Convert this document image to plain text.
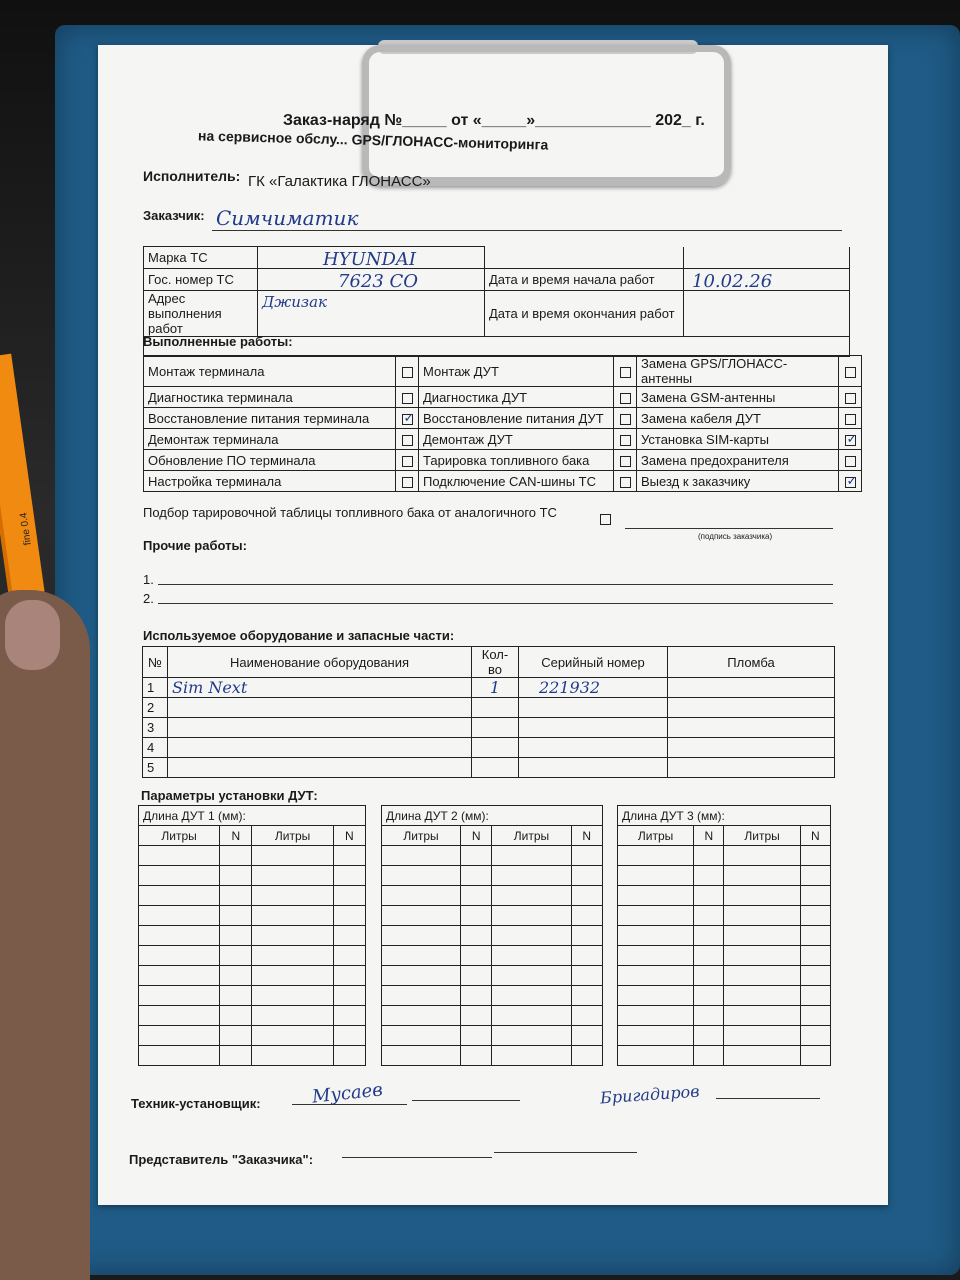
fine 0.4
Заказ-наряд №_____ от «_____»_____________ 202_ г.
на сервисное обслу... GPS/ГЛОНАСС-мониторинга
Исполнитель: ГК «Галактика ГЛОНАСС»
Заказчик: Симчиматик
Марка ТС	HYUNDAI		

Гос. номер ТС	7623 СО	Дата и время начала работ	10.02.26

Адрес выполнения работ	Джизак	Дата и время окончания работ	

Выполненные работы:
Монтаж терминала		Монтаж ДУТ		Замена GPS/ГЛОНАСС-антенны	
Диагностика терминала		Диагностика ДУТ		Замена GSM-антенны	
Восстановление питания терминала	✓	Восстановление питания ДУТ		Замена кабеля ДУТ	
Демонтаж терминала		Демонтаж ДУТ		Установка SIM-карты	✓
Обновление ПО терминала		Тарировка топливного бака		Замена предохранителя	
Настройка терминала		Подключение CAN-шины ТС		Выезд к заказчику	✓
Подбор тарировочной таблицы топливного бака от аналогичного ТС
(подпись заказчика)
Прочие работы:
1.
2.
Используемое оборудование и запасные части:
№	Наименование оборудования	Кол-во	Серийный номер	Пломба
1	Sim Next	1	221932	
2				
3				
4				
5				
Параметры установки ДУТ:
Длина ДУТ 1 (мм):			
Литры	N	Литры	N

Длина ДУТ 2 (мм):			
Литры	N	Литры	N

Длина ДУТ 3 (мм):			
Литры	N	Литры	N

Техник-установщик:	Мусаев	Бригадиров
Представитель "Заказчика":
